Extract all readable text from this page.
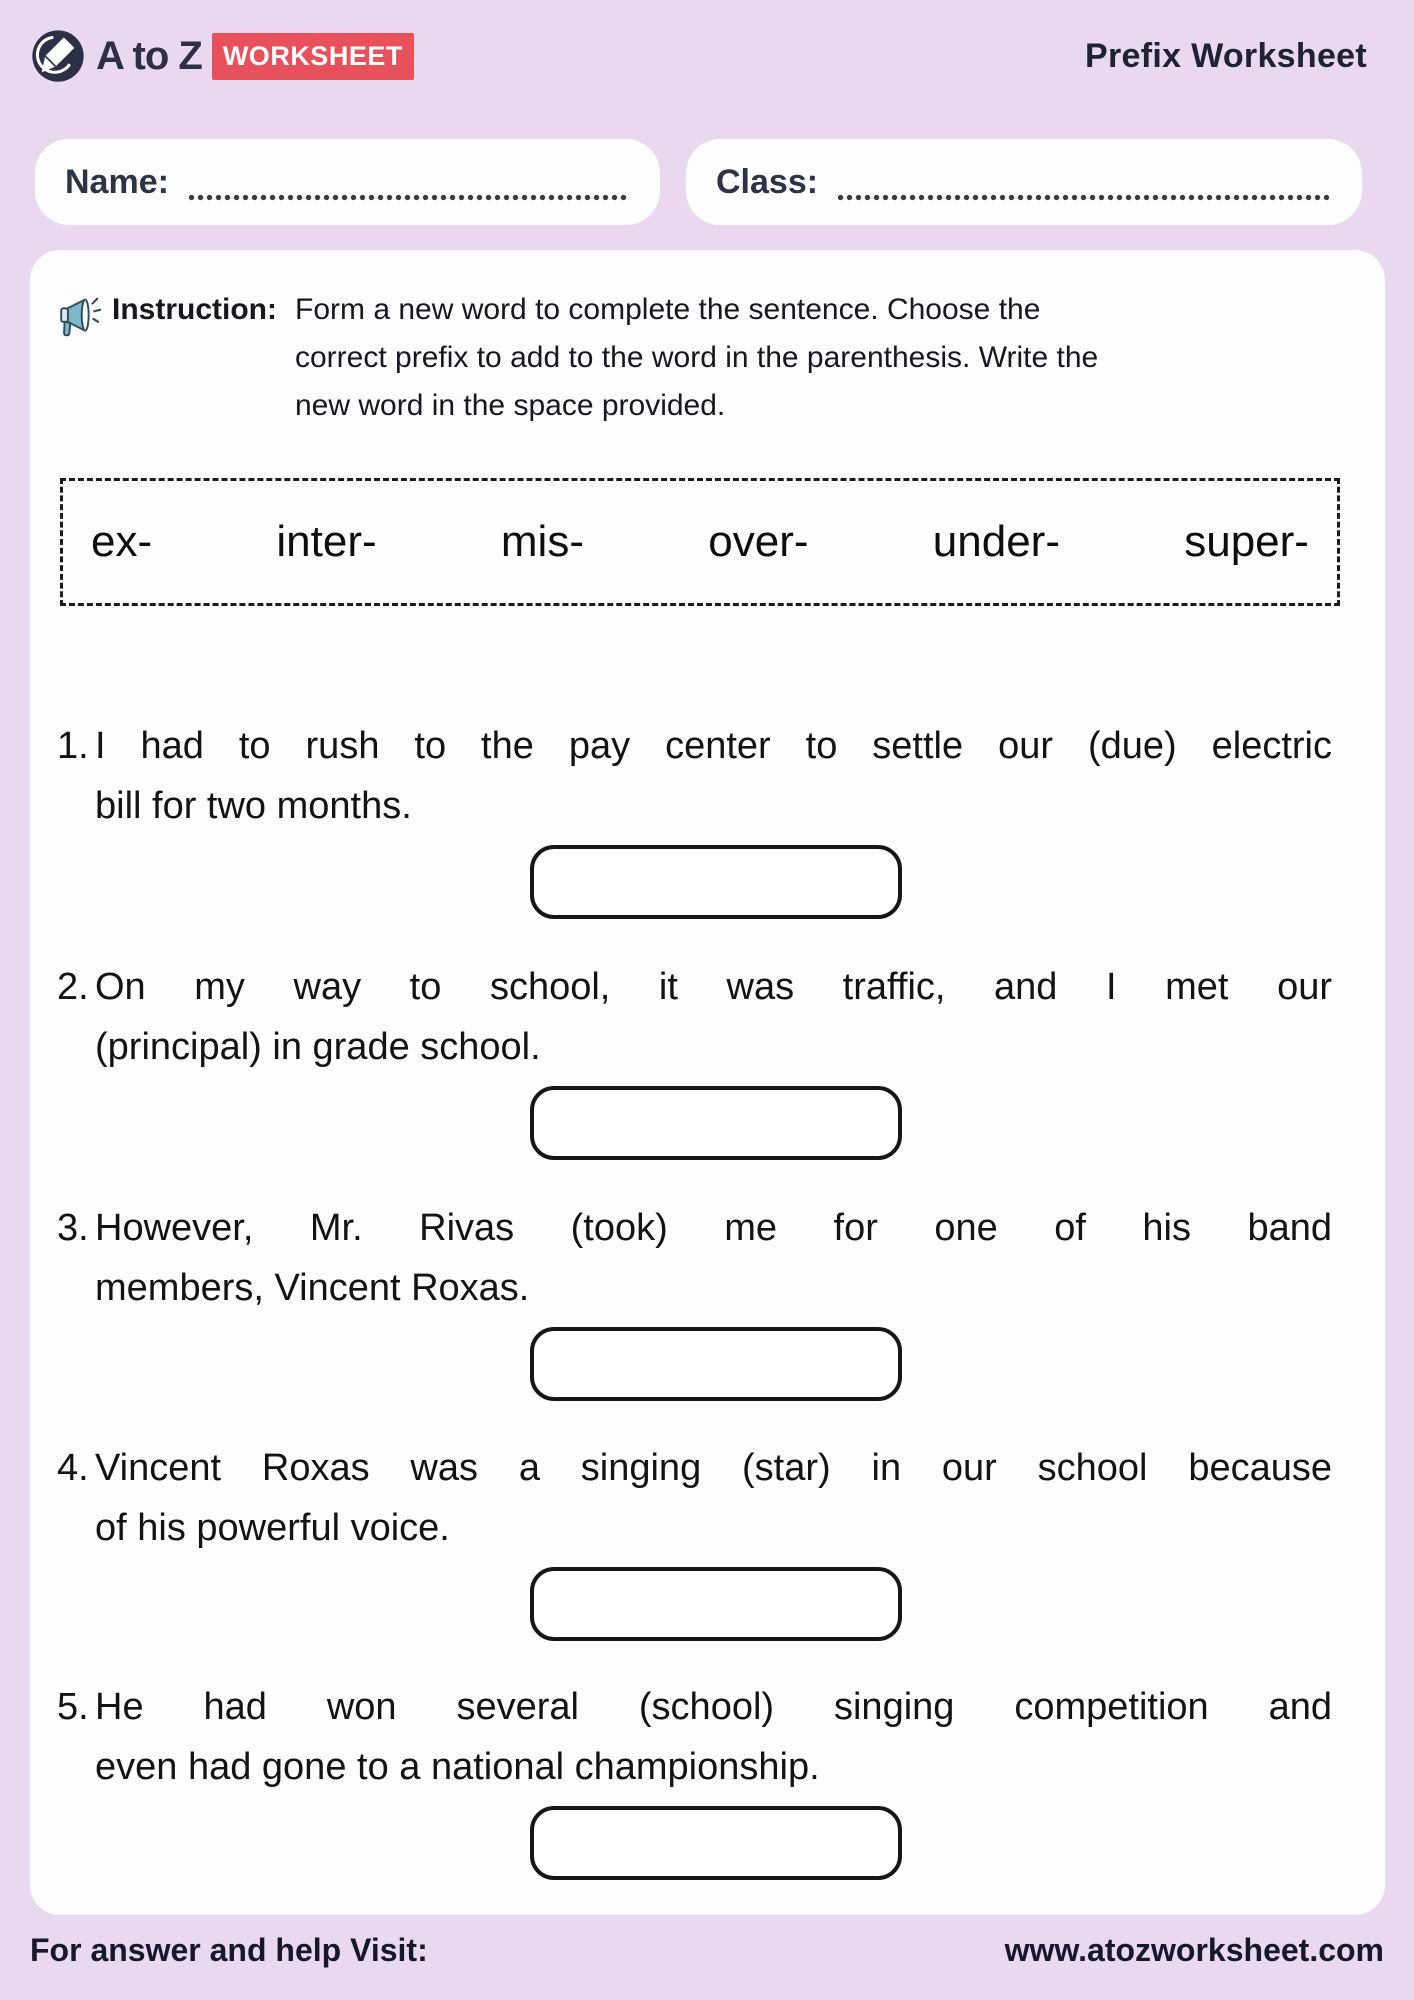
A to Z WORKSHEET	Prefix Worksheet
Name:	Class:
Instruction: Form a new word to complete the sentence. Choose the
correct prefix to add to the word in the parenthesis. Write the
new word in the space provided.
ex-	inter-	mis-	over-	under-	super-
1. I had to rush to the pay center to settle our (due) electric
bill for two months.
2. On my way to school, it was traffic, and I met our
(principal) in grade school.
3. However, Mr. Rivas (took) me for one of his band
members, Vincent Roxas.
4. Vincent Roxas was a singing (star) in our school because
of his powerful voice.
5. He had won several (school) singing competition and
even had gone to a national championship.
For answer and help Visit:	www.atozworksheet.com
